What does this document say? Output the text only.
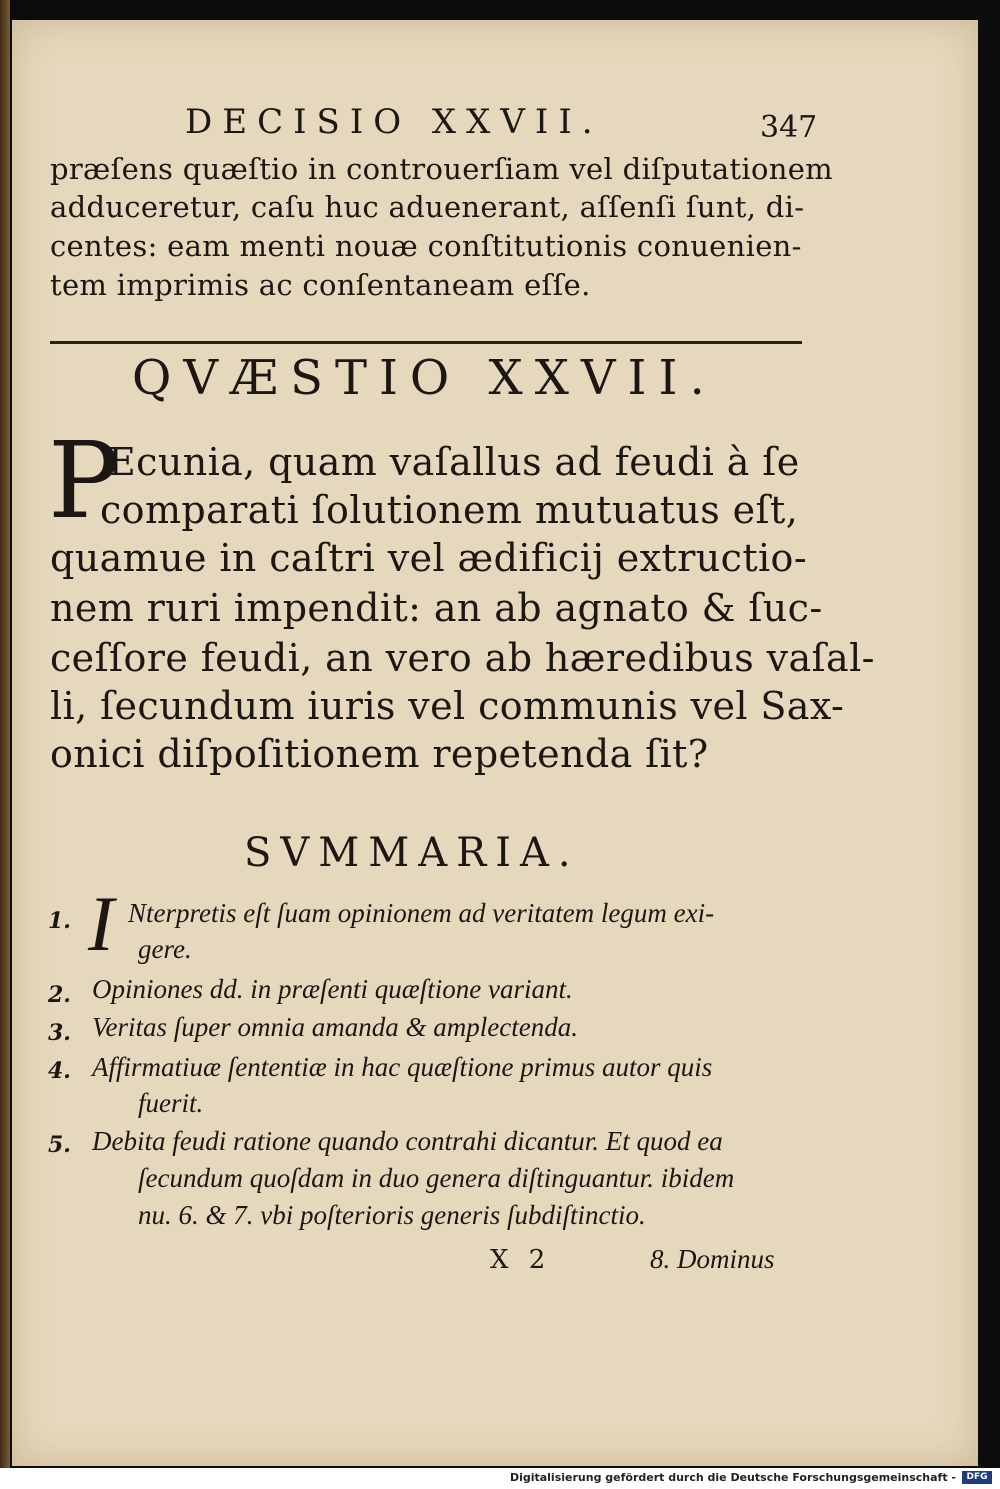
DECISIO XXVII.	347
præſens quæſtio in controuerſiam vel diſputationem
adduceretur, caſu huc aduenerant, aſſenſi ſunt, di-
centes: eam menti nouæ conſtitutionis conuenien-
tem imprimis ac conſentaneam eſſe.
QVÆSTIO XXVII.
P
Ecunia, quam vaſallus ad feudi à ſe
comparati ſolutionem mutuatus eſt,
quamue in caſtri vel ædificij extructio-
nem ruri impendit: an ab agnato & ſuc-
ceſſore feudi, an vero ab hæredibus vaſal-
li, ſecundum iuris vel communis vel Sax-
onici diſpoſitionem repetenda ſit?
SVMMARIA.
1. I Nterpretis eſt ſuam opinionem ad veritatem legum exi-
gere.
2. Opiniones dd. in præſenti quæſtione variant.
3. Veritas ſuper omnia amanda & amplectenda.
4. Affirmatiuæ ſententiæ in hac quæſtione primus autor quis
fuerit.
5. Debita feudi ratione quando contrahi dicantur. Et quod ea
ſecundum quoſdam in duo genera diſtinguantur. ibidem
nu. 6. & 7. vbi poſterioris generis ſubdiſtinctio.
X 2	8. Dominus
Digitalisierung gefördert durch die Deutsche Forschungsgemeinschaft -	DFG
